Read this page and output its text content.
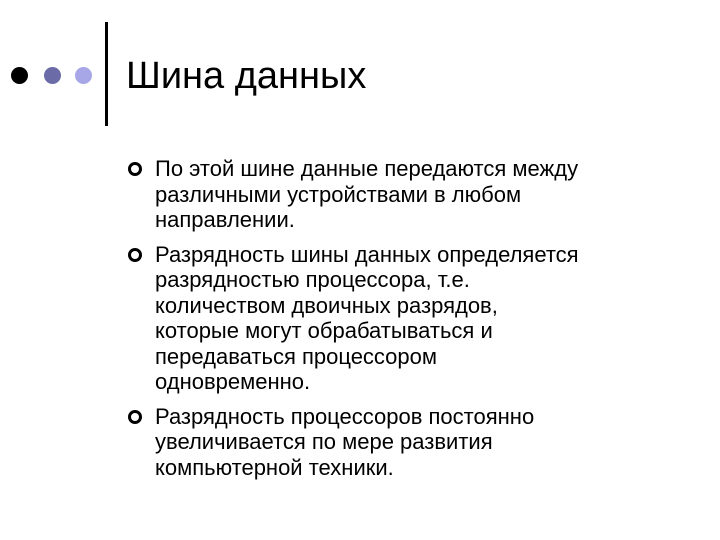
Шина данных
По этой шине данные передаются между
различными устройствами в любом
направлении.
Разрядность шины данных определяется
разрядностью процессора, т.е.
количеством двоичных разрядов,
которые могут обрабатываться и
передаваться процессором
одновременно.
Разрядность процессоров постоянно
увеличивается по мере развития
компьютерной техники.
